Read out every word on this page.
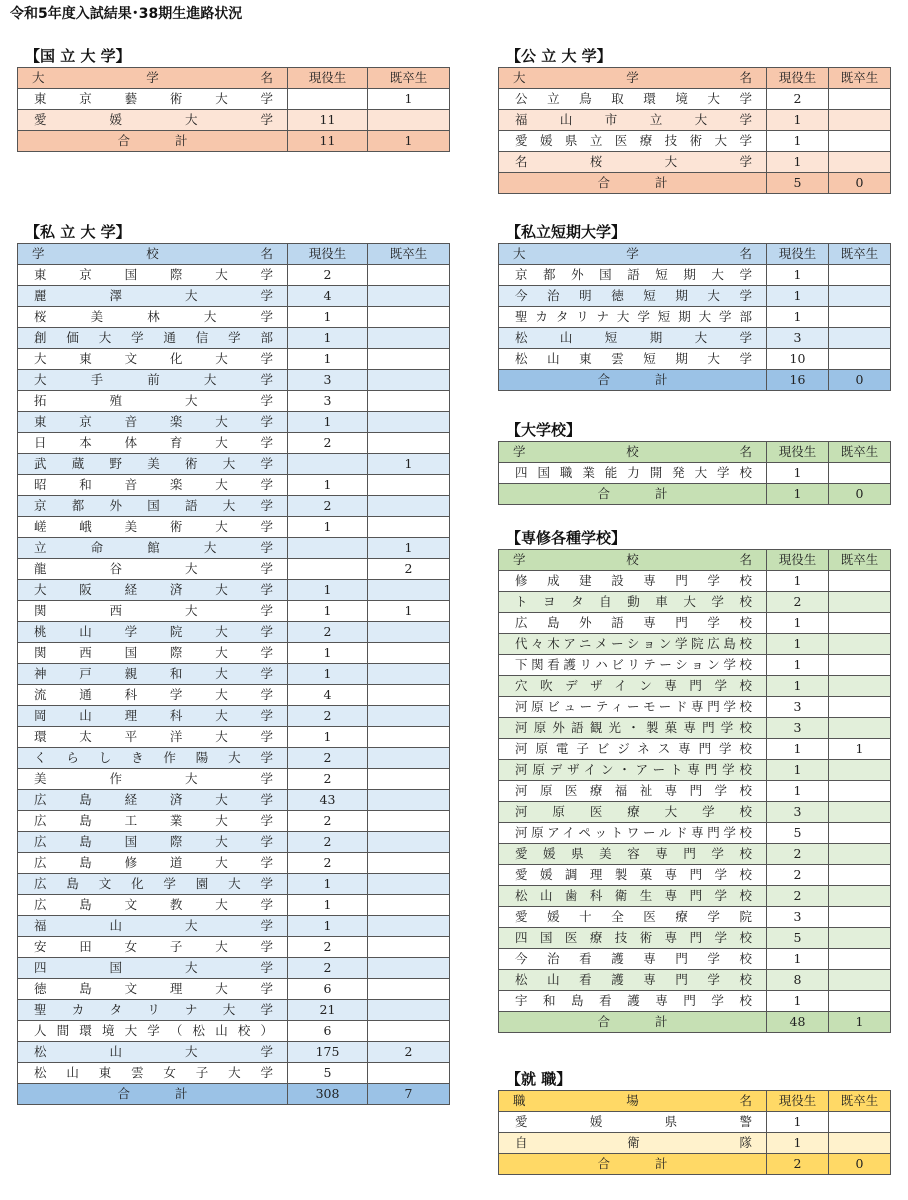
令和5年度入試結果･38期生進路状況
【国 立 大 学】
大 学 名	現役生	既卒生
東京藝術大学		1
愛媛大学	11	

合計	11	1
【公 立 大 学】
大 学 名	現役生	既卒生
公立鳥取環境大学	2	
福山市立大学	1	
愛媛県立医療技術大学	1	
名桜大学	1	

合計	5	0
【私 立 大 学】
学 校 名	現役生	既卒生
東京国際大学	2	
麗澤大学	4	
桜美林大学	1	
創価大学通信学部	1	
大東文化大学	1	
大手前大学	3	
拓殖大学	3	
東京音楽大学	1	
日本体育大学	2	
武蔵野美術大学		1
昭和音楽大学	1	
京都外国語大学	2	
嵯峨美術大学	1	
立命館大学		1
龍谷大学		2
大阪経済大学	1	
関西大学	1	1
桃山学院大学	2	
関西国際大学	1	
神戸親和大学	1	
流通科学大学	4	
岡山理科大学	2	
環太平洋大学	1	
くらしき作陽大学	2	
美作大学	2	
広島経済大学	43	
広島工業大学	2	
広島国際大学	2	
広島修道大学	2	
広島文化学園大学	1	
広島文教大学	1	
福山大学	1	
安田女子大学	2	
四国大学	2	
徳島文理大学	6	
聖カタリナ大学	21	
人間環境大学（松山校）	6	
松山大学	175	2
松山東雲女子大学	5	

合計	308	7
【私立短期大学】
大 学 名	現役生	既卒生
京都外国語短期大学	1	
今治明徳短期大学	1	
聖カタリナ大学短期大学部	1	
松山短期大学	3	
松山東雲短期大学	10	

合計	16	0
【大学校】
学 校 名	現役生	既卒生
四国職業能力開発大学校	1	

合計	1	0
【専修各種学校】
学 校 名	現役生	既卒生
修成建設専門学校	1	
トヨタ自動車大学校	2	
広島外語専門学校	1	
代々木アニメーション学院広島校	1	
下関看護リハビリテーション学校	1	
穴吹デザイン専門学校	1	
河原ビューティーモード専門学校	3	
河原外語観光・製菓専門学校	3	
河原電子ビジネス専門学校	1	1
河原デザイン・アート専門学校	1	
河原医療福祉専門学校	1	
河原医療大学校	3	
河原アイペットワールド専門学校	5	
愛媛県美容専門学校	2	
愛媛調理製菓専門学校	2	
松山歯科衛生専門学校	2	
愛媛十全医療学院	3	
四国医療技術専門学校	5	
今治看護専門学校	1	
松山看護専門学校	8	
宇和島看護専門学校	1	

合計	48	1
【就 職】
職 場 名	現役生	既卒生
愛媛県警	1	
自衛隊	1	

合計	2	0
